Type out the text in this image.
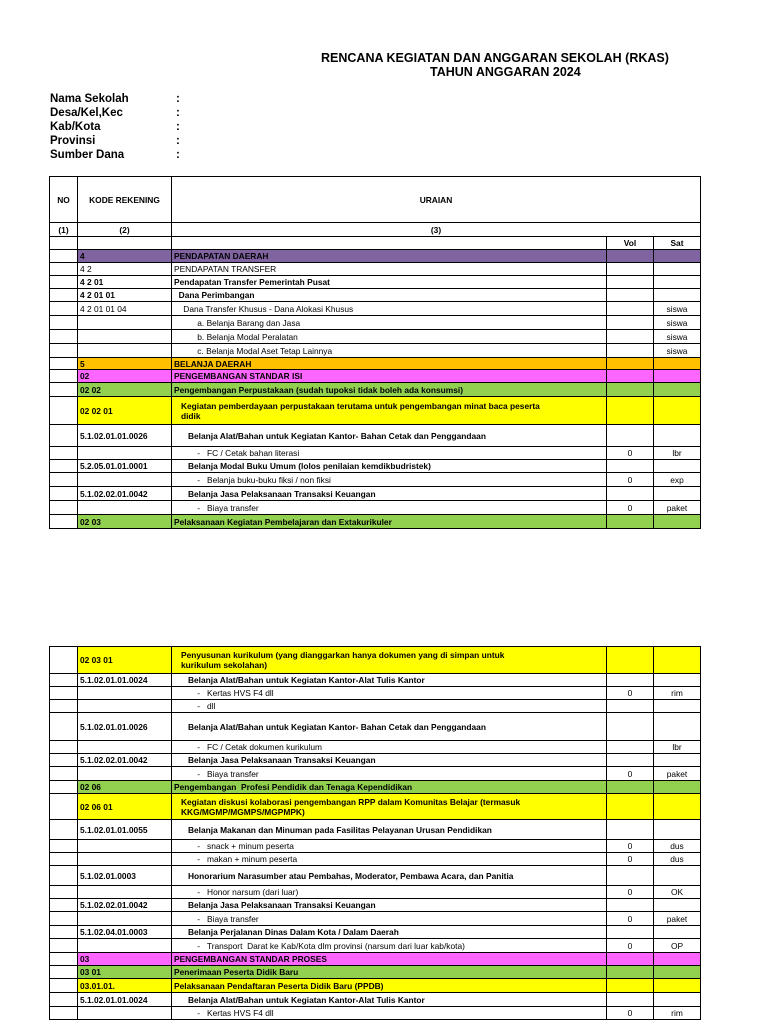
RENCANA KEGIATAN DAN ANGGARAN SEKOLAH (RKAS)
TAHUN ANGGARAN 2024
Nama Sekolah	:
Desa/Kel,Kec	:
Kab/Kota	:
Provinsi	:
Sumber Dana	:
NO	KODE REKENING	URAIAN		
(1)	(2)	(3)		
			Vol	Sat
	4	PENDAPATAN DAERAH		
	4 2	PENDAPATAN TRANSFER		
	4 2 01	Pendapatan Transfer Pemerintah Pusat		
	4 2 01 01	Dana Perimbangan		
	4 2 01 01 04	Dana Transfer Khusus - Dana Alokasi Khusus		siswa
		a. Belanja Barang dan Jasa		siswa
		b. Belanja Modal Peralatan		siswa
		c. Belanja Modal Aset Tetap Lainnya		siswa
	5	BELANJA DAERAH		
	02	PENGEMBANGAN STANDAR ISI		
	02 02	Pengembangan Perpustakaan (sudah tupoksi tidak boleh ada konsumsi)		
	02 02 01	Kegiatan pemberdayaan perpustakaan terutama untuk pengembangan minat baca peserta
didik		
	5.1.02.01.01.0026	Belanja Alat/Bahan untuk Kegiatan Kantor- Bahan Cetak dan Penggandaan		
		-   FC / Cetak bahan literasi	0	lbr
	5.2.05.01.01.0001	Belanja Modal Buku Umum (lolos penilaian kemdikbudristek)		
		-   Belanja buku-buku fiksi / non fiksi	0	exp
	5.1.02.02.01.0042	Belanja Jasa Pelaksanaan Transaksi Keuangan		
		-   Biaya transfer	0	paket
	02 03	Pelaksanaan Kegiatan Pembelajaran dan Extakurikuler		
	02 03 01	Penyusunan kurikulum (yang dianggarkan hanya dokumen yang di simpan untuk
kurikulum sekolahan)		
	5.1.02.01.01.0024	Belanja Alat/Bahan untuk Kegiatan Kantor-Alat Tulis Kantor		
		-   Kertas HVS F4 dll	0	rim
		-   dll		
	5.1.02.01.01.0026	Belanja Alat/Bahan untuk Kegiatan Kantor- Bahan Cetak dan Penggandaan		
		-   FC / Cetak dokumen kurikulum		lbr
	5.1.02.02.01.0042	Belanja Jasa Pelaksanaan Transaksi Keuangan		
		-   Biaya transfer	0	paket
	02 06	Pengembangan  Profesi Pendidik dan Tenaga Kependidikan		
	02 06 01	Kegiatan diskusi kolaborasi pengembangan RPP dalam Komunitas Belajar (termasuk
KKG/MGMP/MGMPS/MGPMPK)		
	5.1.02.01.01.0055	Belanja Makanan dan Minuman pada Fasilitas Pelayanan Urusan Pendidikan		
		-   snack + minum peserta	0	dus
		-   makan + minum peserta	0	dus
	5.1.02.01.0003	Honorarium Narasumber atau Pembahas, Moderator, Pembawa Acara, dan Panitia		
		-   Honor narsum (dari luar)	0	OK
	5.1.02.02.01.0042	Belanja Jasa Pelaksanaan Transaksi Keuangan		
		-   Biaya transfer	0	paket
	5.1.02.04.01.0003	Belanja Perjalanan Dinas Dalam Kota / Dalam Daerah		
		-   Transport  Darat ke Kab/Kota dlm provinsi (narsum dari luar kab/kota)	0	OP
	03	PENGEMBANGAN STANDAR PROSES		
	03 01	Penerimaan Peserta Didik Baru		
	03.01.01.	Pelaksanaan Pendaftaran Peserta Didik Baru (PPDB)		
	5.1.02.01.01.0024	Belanja Alat/Bahan untuk Kegiatan Kantor-Alat Tulis Kantor		
		-   Kertas HVS F4 dll	0	rim
